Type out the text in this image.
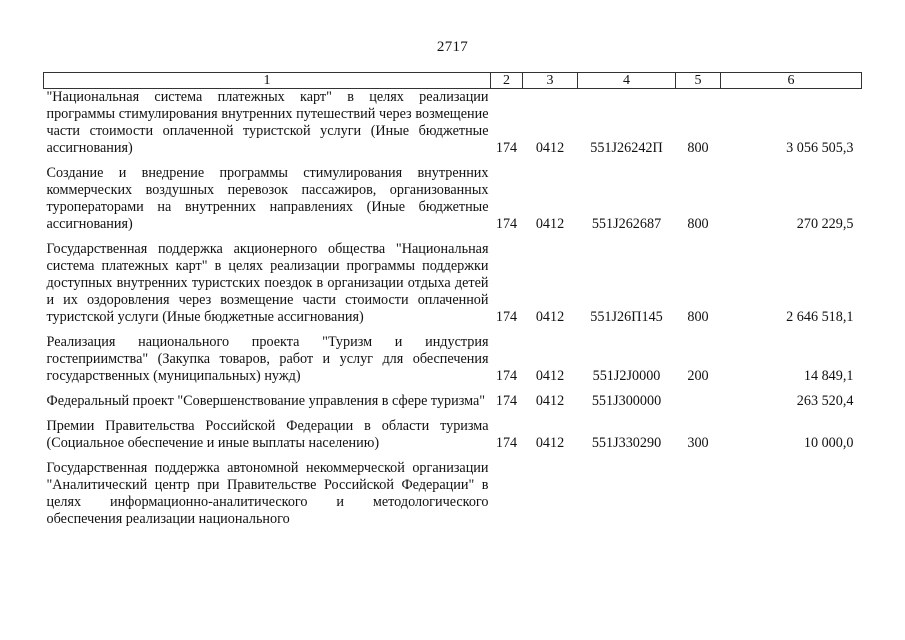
2717
1	2	3	4	5	6
"Национальная система платежных карт" в целях реализации программы стимулирования внутренних путешествий через возмещение части стоимости оплаченной туристской услуги (Иные бюджетные ассигнования)	174	0412	551J26242П	800	3 056 505,3

Создание и внедрение программы стимулирования внутренних коммерческих воздушных перевозок пассажиров, организованных туроператорами на внутренних направлениях (Иные бюджетные ассигнования)	174	0412	551J262687	800	270 229,5

Государственная поддержка акционерного общества "Национальная система платежных карт" в целях реализации программы поддержки доступных внутренних туристских поездок в организации отдыха детей и их оздоровления через возмещение части стоимости оплаченной туристской услуги (Иные бюджетные ассигнования)	174	0412	551J26П145	800	2 646 518,1

Реализация национального проекта "Туризм и индустрия гостеприимства" (Закупка товаров, работ и услуг для обеспечения государственных (муниципальных) нужд)	174	0412	551J2J0000	200	14 849,1

Федеральный проект "Совершенствование управления в сфере туризма"	174	0412	551J300000		263 520,4

Премии Правительства Российской Федерации в области туризма (Социальное обеспечение и иные выплаты населению)	174	0412	551J330290	300	10 000,0

Государственная поддержка автономной некоммерческой организации "Аналитический центр при Правительстве Российской Федерации" в целях информационно-аналитического и методологического обеспечения реализации национального					
